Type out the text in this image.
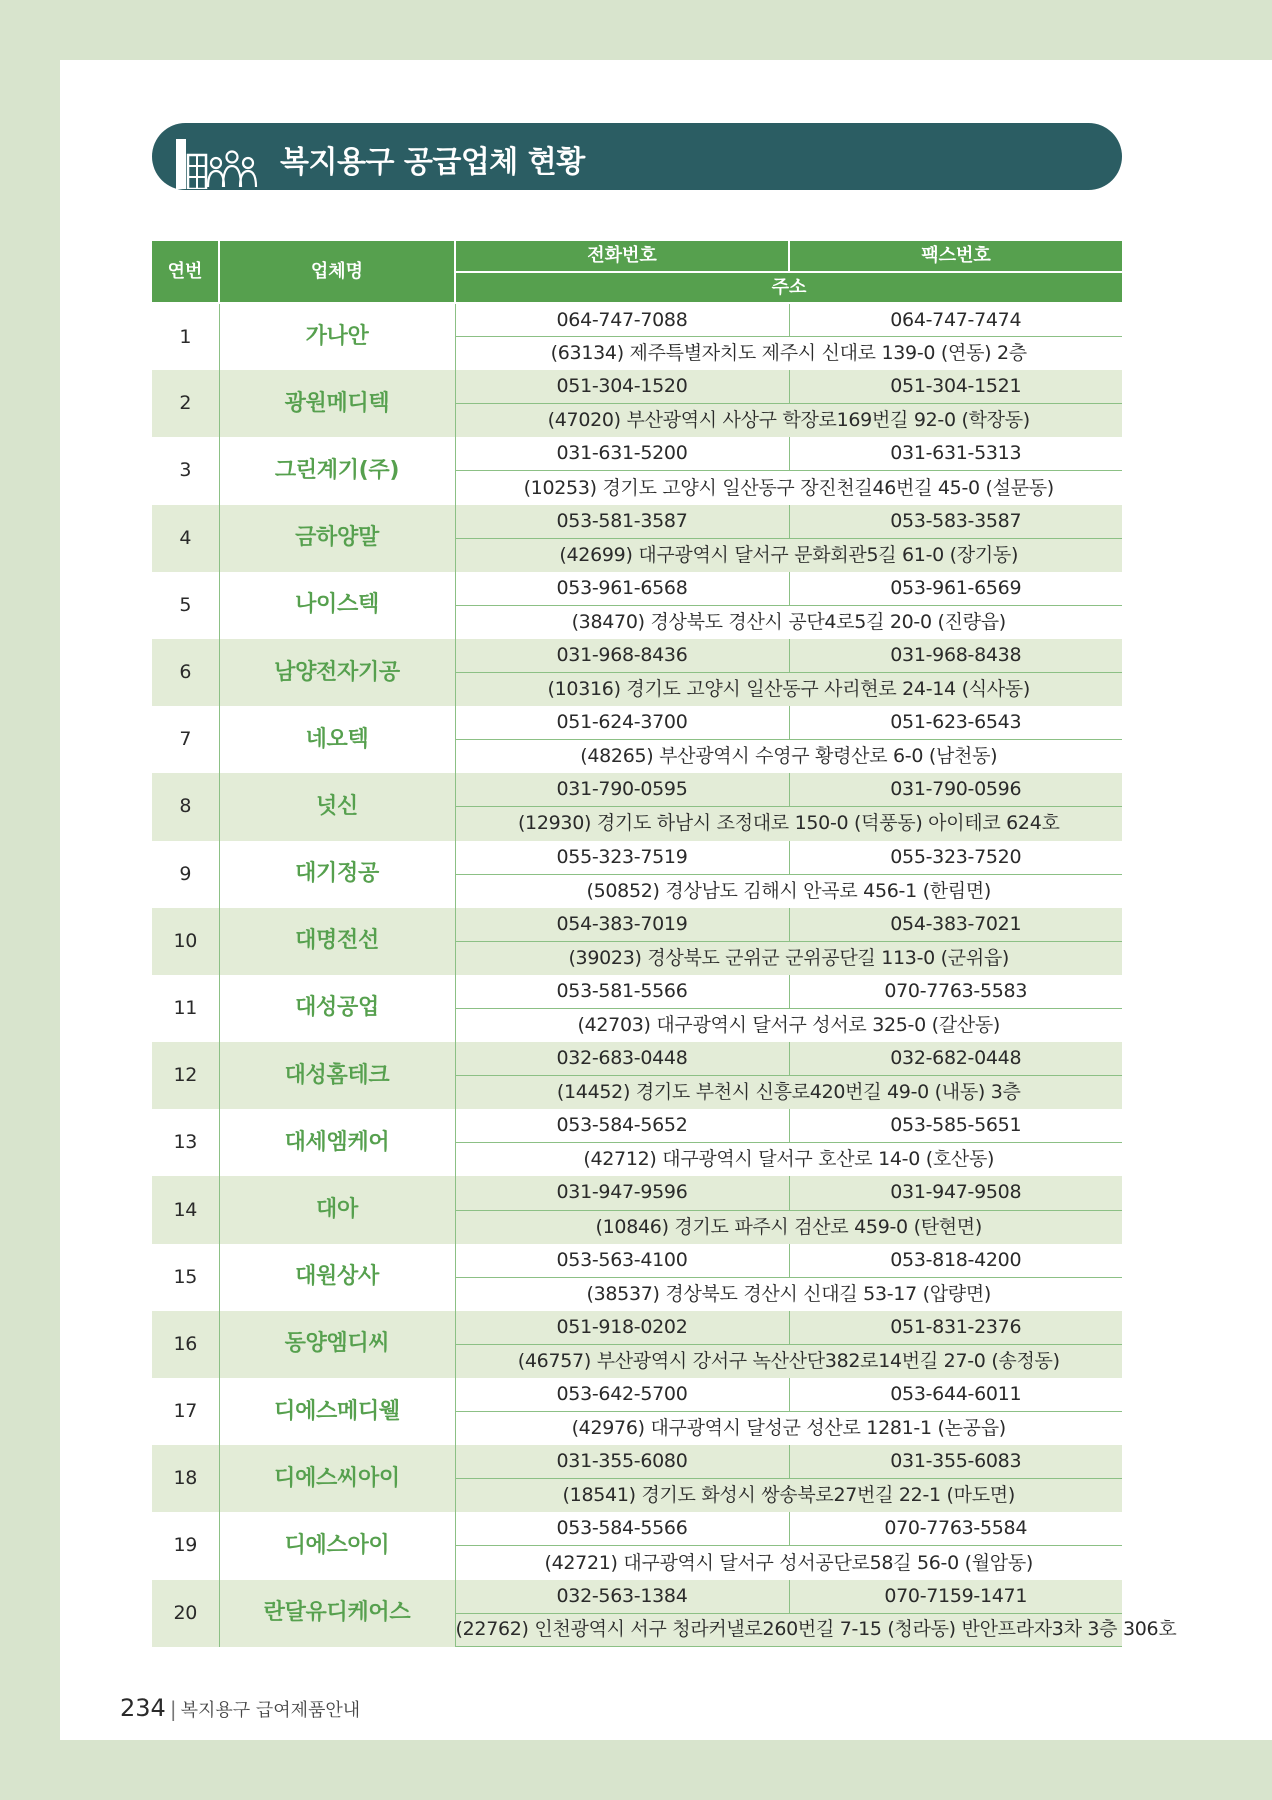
복지용구 공급업체 현황
연번	업체명	전화번호	팩스번호
		주소	
1	가나안	064-747-7088	064-747-7474
		(63134) 제주특별자치도 제주시 신대로 139-0 (연동) 2층	
2	광원메디텍	051-304-1520	051-304-1521
		(47020) 부산광역시 사상구 학장로169번길 92-0 (학장동)	
3	그린계기(주)	031-631-5200	031-631-5313
		(10253) 경기도 고양시 일산동구 장진천길46번길 45-0 (설문동)	
4	금하양말	053-581-3587	053-583-3587
		(42699) 대구광역시 달서구 문화회관5길 61-0 (장기동)	
5	나이스텍	053-961-6568	053-961-6569
		(38470) 경상북도 경산시 공단4로5길 20-0 (진량읍)	
6	남양전자기공	031-968-8436	031-968-8438
		(10316) 경기도 고양시 일산동구 사리현로 24-14 (식사동)	
7	네오텍	051-624-3700	051-623-6543
		(48265) 부산광역시 수영구 황령산로 6-0 (남천동)	
8	넛신	031-790-0595	031-790-0596
		(12930) 경기도 하남시 조정대로 150-0 (덕풍동) 아이테코 624호	
9	대기정공	055-323-7519	055-323-7520
		(50852) 경상남도 김해시 안곡로 456-1 (한림면)	
10	대명전선	054-383-7019	054-383-7021
		(39023) 경상북도 군위군 군위공단길 113-0 (군위읍)	
11	대성공업	053-581-5566	070-7763-5583
		(42703) 대구광역시 달서구 성서로 325-0 (갈산동)	
12	대성홈테크	032-683-0448	032-682-0448
		(14452) 경기도 부천시 신흥로420번길 49-0 (내동) 3층	
13	대세엠케어	053-584-5652	053-585-5651
		(42712) 대구광역시 달서구 호산로 14-0 (호산동)	
14	대아	031-947-9596	031-947-9508
		(10846) 경기도 파주시 검산로 459-0 (탄현면)	
15	대원상사	053-563-4100	053-818-4200
		(38537) 경상북도 경산시 신대길 53-17 (압량면)	
16	동양엠디씨	051-918-0202	051-831-2376
		(46757) 부산광역시 강서구 녹산산단382로14번길 27-0 (송정동)	
17	디에스메디웰	053-642-5700	053-644-6011
		(42976) 대구광역시 달성군 성산로 1281-1 (논공읍)	
18	디에스씨아이	031-355-6080	031-355-6083
		(18541) 경기도 화성시 쌍송북로27번길 22-1 (마도면)	
19	디에스아이	053-584-5566	070-7763-5584
		(42721) 대구광역시 달서구 성서공단로58길 56-0 (월암동)	
20	란달유디케어스	032-563-1384	070-7159-1471
		(22762) 인천광역시 서구 청라커낼로260번길 7-15 (청라동) 반안프라자3차 3층 306호	
234 | 복지용구 급여제품안내
